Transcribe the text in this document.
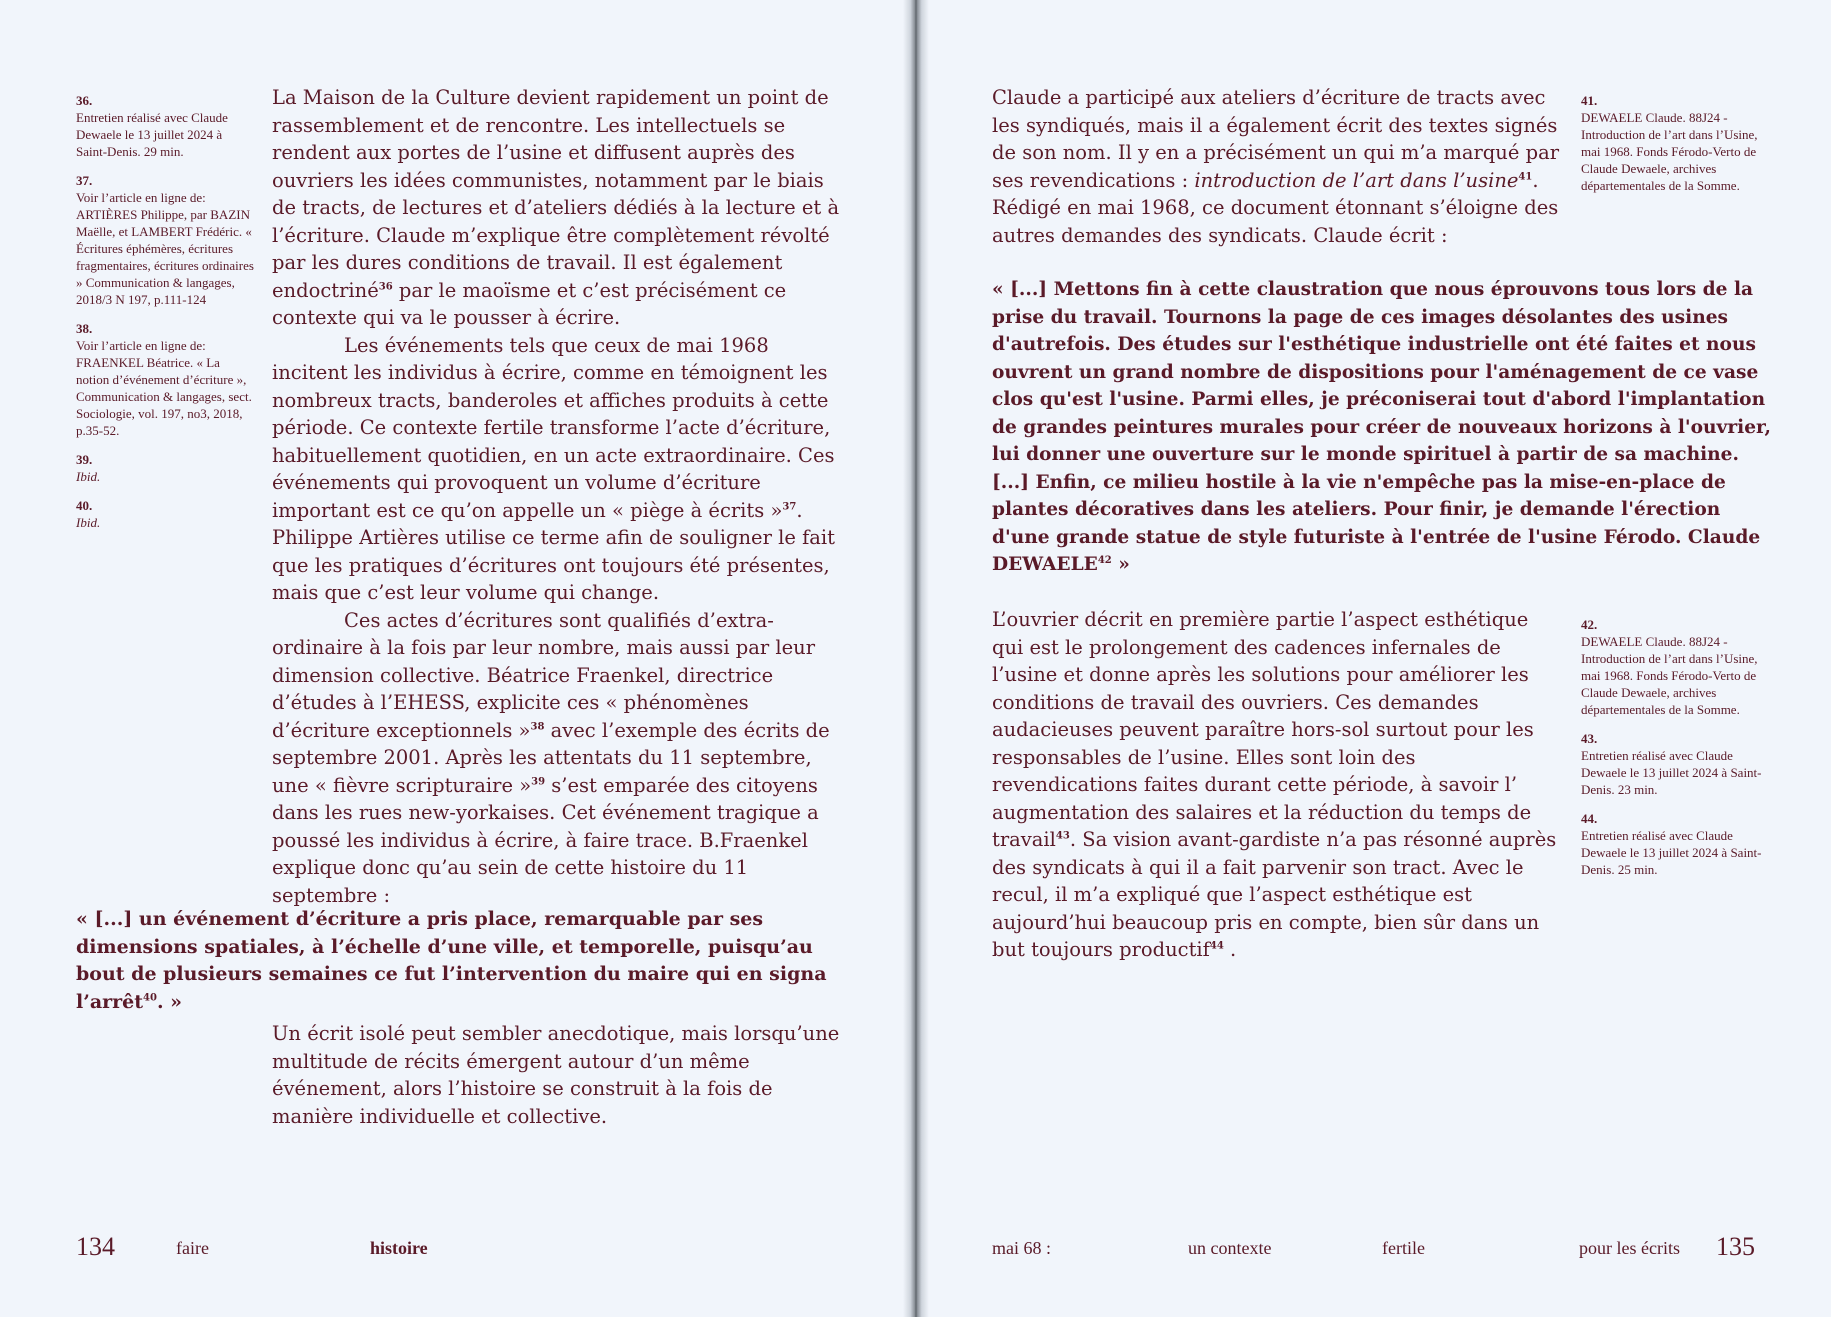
36.
Entretien réalisé avec Claude Dewaele le 13 juillet 2024 à Saint-Denis. 29 min.
37.
Voir l’article en ligne de: ARTIÈRES Philippe, par BAZIN Maëlle, et LAMBERT Frédéric. « Écritures éphémères, écritures fragmentaires, écritures ordinaires » Communication & langages, 2018/3 N 197, p.111-124
38.
Voir l’article en ligne de: FRAENKEL Béatrice. « La notion d’événement d’écriture », Communication & langages, sect. Sociologie, vol. 197, no3, 2018, p.35-52.
39.
Ibid.
40.
Ibid.

La Maison de la Culture devient rapidement un point de rassemblement et de rencontre. Les intellectuels se rendent aux portes de l’usine et diffusent auprès des ouvriers les idées communistes, notamment par le biais de tracts, de lectures et d’ateliers dédiés à la lecture et à l’écriture. Claude m’explique être complètement révolté par les dures conditions de travail. Il est également endoctriné$^{36}$ par le maoïsme et c’est précisément ce contexte qui va le pousser à écrire.

Les événements tels que ceux de mai 1968 incitent les individus à écrire, comme en témoignent les nombreux tracts, banderoles et affiches produits à cette période. Ce contexte fertile transforme l’acte d’écriture, habituellement quotidien, en un acte extraordinaire. Ces événements qui provoquent un volume d’écriture important est ce qu’on appelle un « piège à écrits »$^{37}$. Philippe Artières utilise ce terme afin de souligner le fait que les pratiques d’écritures ont toujours été présentes, mais que c’est leur volume qui change.

Ces actes d’écritures sont qualifiés d’extra-ordinaire à la fois par leur nombre, mais aussi par leur dimension collective. Béatrice Fraenkel, directrice d’études à l’EHESS, explicite ces « phénomènes d’écriture exceptionnels »$^{38}$ avec l’exemple des écrits de septembre 2001. Après les attentats du 11 septembre, une « fièvre scripturaire »$^{39}$ s’est emparée des citoyens dans les rues new-yorkaises. Cet événement tragique a poussé les individus à écrire, à faire trace. B.Fraenkel explique donc qu’au sein de cette histoire du 11 septembre :

« [...] un événement d’écriture a pris place, remarquable par ses dimensions spatiales, à l’échelle d’une ville, et temporelle, puisqu’au bout de plusieurs semaines ce fut l’intervention du maire qui en signa l’arrêt$^{40}$. »

Un écrit isolé peut sembler anecdotique, mais lorsqu’une multitude de récits émergent autour d’un même événement, alors l’histoire se construit à la fois de manière individuelle et collective.

134	faire	histoire

Claude a participé aux ateliers d’écriture de tracts avec les syndiqués, mais il a également écrit des textes signés de son nom. Il y en a précisément un qui m’a marqué par ses revendications : introduction de l’art dans l’usine$^{41}$. Rédigé en mai 1968, ce document étonnant s’éloigne des autres demandes des syndicats. Claude écrit :

41.
DEWAELE Claude. 88J24 - Introduction de l’art dans l’Usine, mai 1968. Fonds Férodo-Verto de Claude Dewaele, archives départementales de la Somme.
« [...] Mettons fin à cette claustration que nous éprouvons tous lors de la prise du travail. Tournons la page de ces images désolantes des usines d'autrefois. Des études sur l'esthétique industrielle ont été faites et nous ouvrent un grand nombre de dispositions pour l'aménagement de ce vase clos qu'est l'usine. Parmi elles, je préconiserai tout d'abord l'implantation de grandes peintures murales pour créer de nouveaux horizons à l'ouvrier, lui donner une ouverture sur le monde spirituel à partir de sa machine. [...] Enfin, ce milieu hostile à la vie n'empêche pas la mise-en-place de plantes décoratives dans les ateliers. Pour finir, je demande l'érection d'une grande statue de style futuriste à l'entrée de l'usine Férodo. Claude DEWAELE$^{42}$ »

L’ouvrier décrit en première partie l’aspect esthétique qui est le prolongement des cadences infernales de l’usine et donne après les solutions pour améliorer les conditions de travail des ouvriers. Ces demandes audacieuses peuvent paraître hors-sol surtout pour les responsables de l’usine. Elles sont loin des revendications faites durant cette période, à savoir l’ augmentation des salaires et la réduction du temps de travail$^{43}$. Sa vision avant-gardiste n’a pas résonné auprès des syndicats à qui il a fait parvenir son tract. Avec le recul, il m’a expliqué que l’aspect esthétique est aujourd’hui beaucoup pris en compte, bien sûr dans un but toujours productif$^{44}$ .

42.
DEWAELE Claude. 88J24 - Introduction de l’art dans l’Usine, mai 1968. Fonds Férodo-Verto de Claude Dewaele, archives départementales de la Somme.
43.
Entretien réalisé avec Claude Dewaele le 13 juillet 2024 à Saint-Denis. 23 min.
44.
Entretien réalisé avec Claude Dewaele le 13 juillet 2024 à Saint-Denis. 25 min.
mai 68 :	un contexte	fertile	pour les écrits 135
